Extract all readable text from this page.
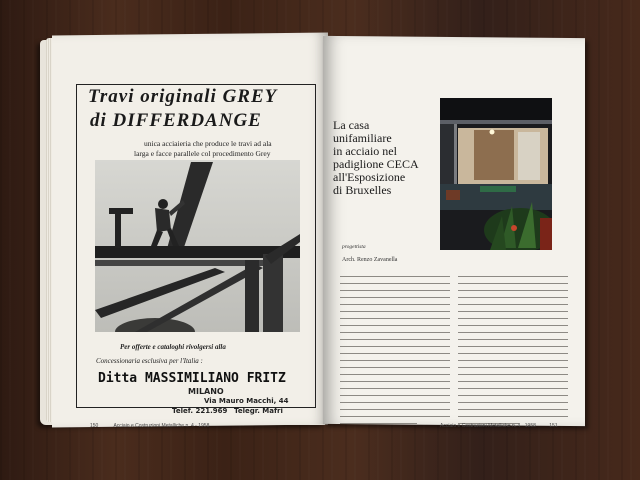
Travi originali GREY
di DIFFERDANGE
unica acciaieria che produce le travi ad ala
larga e facce parallele col procedimento Grey
Per offerte e cataloghi rivolgersi alla
Concessionaria esclusiva per l'Italia :
Ditta MASSIMILIANO FRITZ
MILANO
Via Mauro Macchi, 44
Telef. 221.969 Telegr. Mafri
150	Acciaio e Costruzioni Metalliche n. 4 - 1958
La casa
unifamiliare
in acciaio nel
padiglione CECA
all'Esposizione
di Bruxelles
progettista
Arch. Renzo Zavanella
Acciaio e Costruzioni Metalliche n. 4 - 1958	151
